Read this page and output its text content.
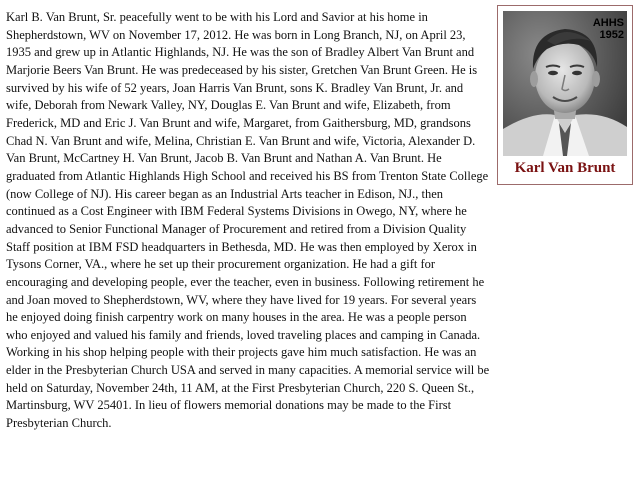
Karl B. Van Brunt, Sr. peacefully went to be with his Lord and Savior at his home in Shepherdstown, WV on November 17, 2012. He was born in Long Branch, NJ, on April 23, 1935 and grew up in Atlantic Highlands, NJ. He was the son of Bradley Albert Van Brunt and Marjorie Beers Van Brunt. He was predeceased by his sister, Gretchen Van Brunt Green. He is survived by his wife of 52 years, Joan Harris Van Brunt, sons K. Bradley Van Brunt, Jr. and wife, Deborah from Newark Valley, NY, Douglas E. Van Brunt and wife, Elizabeth, from Frederick, MD and Eric J. Van Brunt and wife, Margaret, from Gaithersburg, MD, grandsons Chad N. Van Brunt and wife, Melina, Christian E. Van Brunt and wife, Victoria, Alexander D. Van Brunt, McCartney H. Van Brunt, Jacob B. Van Brunt and Nathan A. Van Brunt. He graduated from Atlantic Highlands High School and received his BS from Trenton State College (now College of NJ). His career began as an Industrial Arts teacher in Edison, NJ., then continued as a Cost Engineer with IBM Federal Systems Divisions in Owego, NY, where he advanced to Senior Functional Manager of Procurement and retired from a Division Quality Staff position at IBM FSD headquarters in Bethesda, MD. He was then employed by Xerox in Tysons Corner, VA., where he set up their procurement organization. He had a gift for encouraging and developing people, ever the teacher, even in business. Following retirement he and Joan moved to Shepherdstown, WV, where they have lived for 19 years. For several years he enjoyed doing finish carpentry work on many houses in the area. He was a people person who enjoyed and valued his family and friends, loved traveling places and camping in Canada. Working in his shop helping people with their projects gave him much satisfaction. He was an elder in the Presbyterian Church USA and served in many capacities. A memorial service will be held on Saturday, November 24th, 11 AM, at the First Presbyterian Church, 220 S. Queen St., Martinsburg, WV 25401. In lieu of flowers memorial donations may be made to the First Presbyterian Church.

AHHS
1952
Karl Van Brunt
